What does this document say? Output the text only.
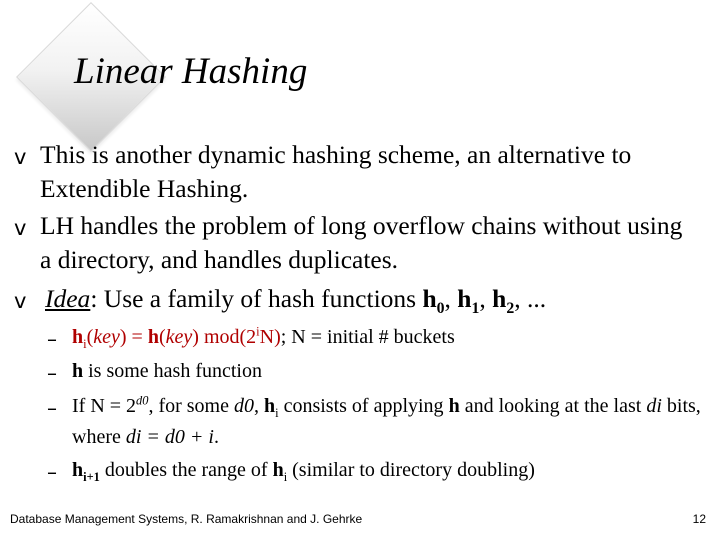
Linear Hashing
v This is another dynamic hashing scheme, an alternative to Extendible Hashing.
v LH handles the problem of long overflow chains without using a directory, and handles duplicates.
v Idea: Use a family of hash functions $h_0$, $h_1$, $h_2$, ...
– $h_i(key) = h(key)$ mod(2$^i$N); N = initial # buckets
– h is some hash function
– If $N = 2^{d0}$, for some d0, $h_i$ consists of applying h and looking at the last di bits, where di = d0 + i.
– $h_{i+1}$ doubles the range of $h_i$ (similar to directory doubling)
Database Management Systems, R. Ramakrishnan and J. Gehrke	12
